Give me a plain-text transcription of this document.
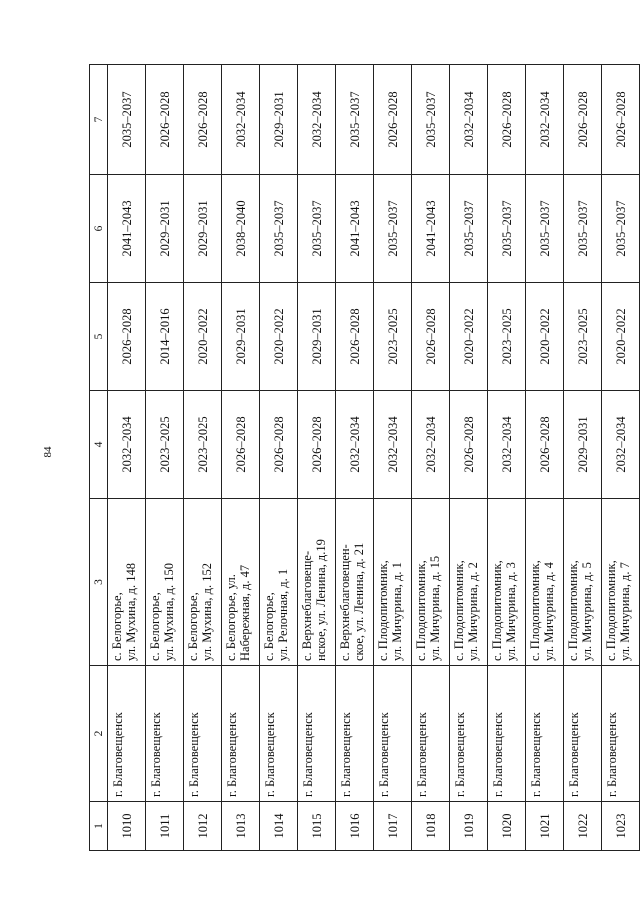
84
1	2	3	4	5	6	7
1010	г. Благовещенск	с. Белогорье, ул. Мухина, д. 148	2032–2034	2026–2028	2041–2043	2035–2037
1011	г. Благовещенск	с. Белогорье, ул. Мухина, д. 150	2023–2025	2014–2016	2029–2031	2026–2028
1012	г. Благовещенск	с. Белогорье, ул. Мухина, д. 152	2023–2025	2020–2022	2029–2031	2026–2028
1013	г. Благовещенск	с. Белогорье, ул. Набережная, д. 47	2026–2028	2029–2031	2038–2040	2032–2034
1014	г. Благовещенск	с. Белогорье, ул. Релочная, д. 1	2026–2028	2020–2022	2035–2037	2029–2031
1015	г. Благовещенск	с. Верхнеблаговеще- нское, ул. Ленина, д.19	2026–2028	2029–2031	2035–2037	2032–2034
1016	г. Благовещенск	с. Верхнеблаговещен- ское, ул. Ленина, д. 21	2032–2034	2026–2028	2041–2043	2035–2037
1017	г. Благовещенск	с. Плодопитомник, ул. Мичурина, д. 1	2032–2034	2023–2025	2035–2037	2026–2028
1018	г. Благовещенск	с. Плодопитомник, ул. Мичурина, д. 15	2032–2034	2026–2028	2041–2043	2035–2037
1019	г. Благовещенск	с. Плодопитомник, ул. Мичурина, д. 2	2026–2028	2020–2022	2035–2037	2032–2034
1020	г. Благовещенск	с. Плодопитомник, ул. Мичурина, д. 3	2032–2034	2023–2025	2035–2037	2026–2028
1021	г. Благовещенск	с. Плодопитомник, ул. Мичурина, д. 4	2026–2028	2020–2022	2035–2037	2032–2034
1022	г. Благовещенск	с. Плодопитомник, ул. Мичурина, д. 5	2029–2031	2023–2025	2035–2037	2026–2028
1023	г. Благовещенск	с. Плодопитомник, ул. Мичурина, д. 7	2032–2034	2020–2022	2035–2037	2026–2028
